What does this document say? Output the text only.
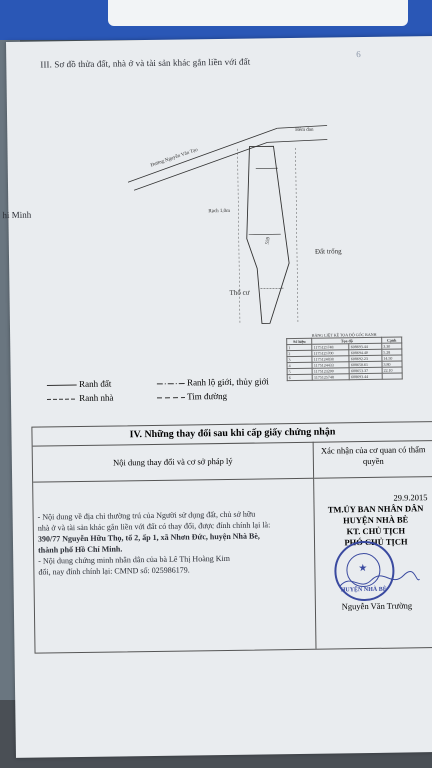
III. Sơ đồ thửa đất, nhà ở và tài sản khác gắn liền với đất
6
hi Minh
Đường Nguyễn Văn Tạo
Hẻm đan
Rạch 1,0m
559
Đất trống
Thổ cư
BẢNG LIỆT KÊ TỌA ĐỘ GÓC RANH
Số hiệu	Tọa độ		Cạnh
1	1175125748	608693.44	3.30
2	1175125700	608694.40	5.28
3	1175124838	608692.23	14.50
4	1175124433	608650.61	3.80
5	1175123200	608653.37	22.10
6	1175125748	608693.44	
Ranh đất	Ranh lộ giới, thủy giới
Ranh nhà	Tim đường
IV. Những thay đổi sau khi cấp giấy chứng nhận
Nội dung thay đổi và cơ sở pháp lý
Xác nhận của cơ quan có thẩm quyền

- Nội dung về địa chỉ thường trú của Người sử dụng đất, chủ sở hữu

nhà ở và tài sản khác gắn liền với đất có thay đổi, được đính chính lại là:

390/77 Nguyễn Hữu Thọ, tổ 2, ấp 1, xã Nhơn Đức, huyện Nhà Bè,

thành phố Hồ Chí Minh.

- Nội dung chứng minh nhân dân của bà Lê Thị Hoàng Kim

đổi, nay đính chính lại: CMND số: 025986179.

29.9.2015
TM.ỦY BAN NHÂN DÂN
HUYỆN NHÀ BÈ
KT. CHỦ TỊCH
PHÓ CHỦ TỊCH
Nguyễn Văn Trường
★
HUYỆN NHÀ BÈ
